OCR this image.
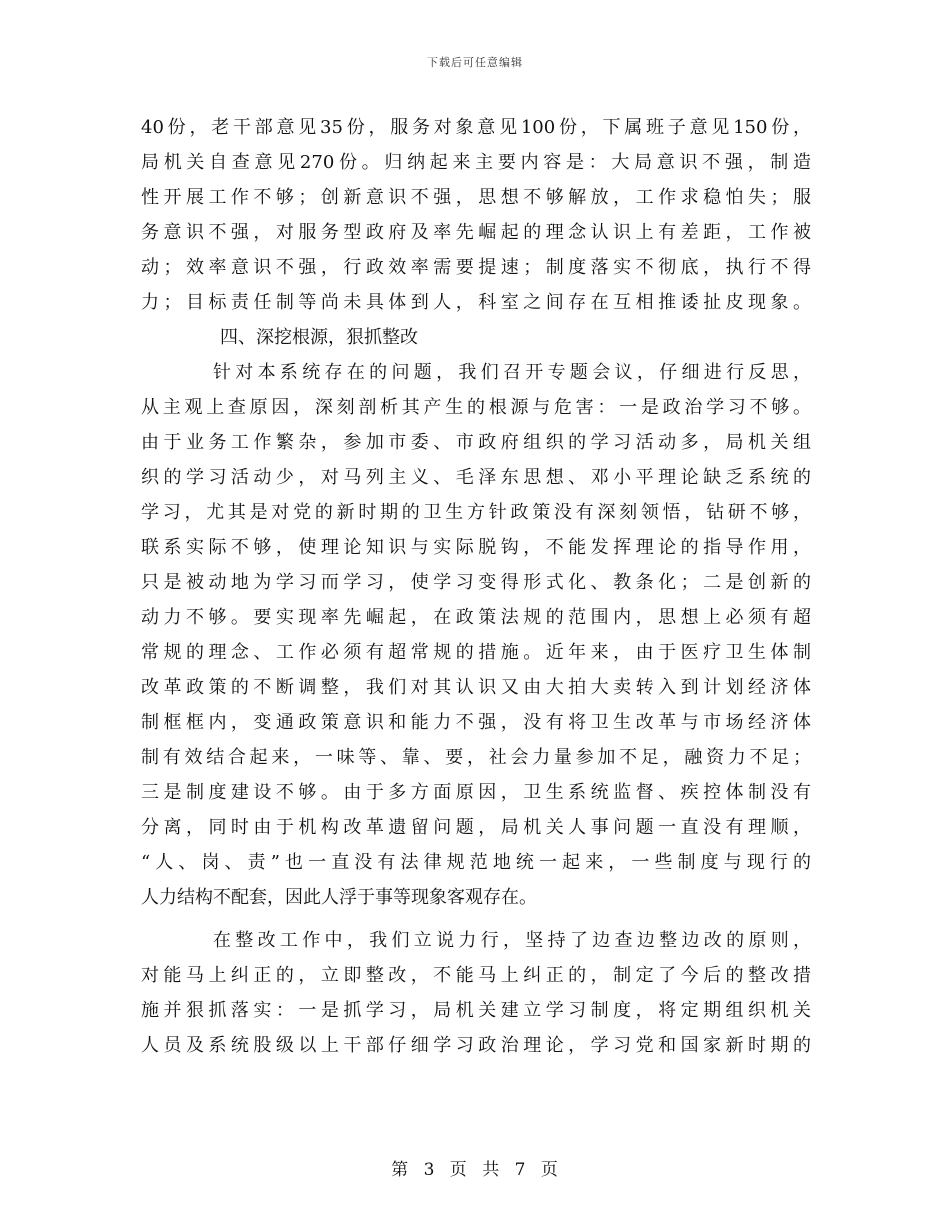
下载后可任意编辑
40份，老干部意见35份，服务对象意见100份，下属班子意见150份，
局机关自查意见270份。归纳起来主要内容是：大局意识不强，制造
性开展工作不够；创新意识不强，思想不够解放，工作求稳怕失；服
务意识不强，对服务型政府及率先崛起的理念认识上有差距，工作被
动；效率意识不强，行政效率需要提速；制度落实不彻底，执行不得
力；目标责任制等尚未具体到人，科室之间存在互相推诿扯皮现象。
四、深挖根源，狠抓整改
针对本系统存在的问题，我们召开专题会议，仔细进行反思，
从主观上查原因，深刻剖析其产生的根源与危害：一是政治学习不够。
由于业务工作繁杂，参加市委、市政府组织的学习活动多，局机关组
织的学习活动少，对马列主义、毛泽东思想、邓小平理论缺乏系统的
学习，尤其是对党的新时期的卫生方针政策没有深刻领悟，钻研不够，
联系实际不够，使理论知识与实际脱钩，不能发挥理论的指导作用，
只是被动地为学习而学习，使学习变得形式化、教条化；二是创新的
动力不够。要实现率先崛起，在政策法规的范围内，思想上必须有超
常规的理念、工作必须有超常规的措施。近年来，由于医疗卫生体制
改革政策的不断调整，我们对其认识又由大拍大卖转入到计划经济体
制框框内，变通政策意识和能力不强，没有将卫生改革与市场经济体
制有效结合起来，一味等、靠、要，社会力量参加不足，融资力不足；
三是制度建设不够。由于多方面原因，卫生系统监督、疾控体制没有
分离，同时由于机构改革遗留问题，局机关人事问题一直没有理顺，
“人、岗、责”也一直没有法律规范地统一起来，一些制度与现行的
人力结构不配套，因此人浮于事等现象客观存在。
在整改工作中，我们立说力行，坚持了边查边整边改的原则，
对能马上纠正的，立即整改，不能马上纠正的，制定了今后的整改措
施并狠抓落实：一是抓学习，局机关建立学习制度，将定期组织机关
人员及系统股级以上干部仔细学习政治理论，学习党和国家新时期的
第 3 页 共 7 页
